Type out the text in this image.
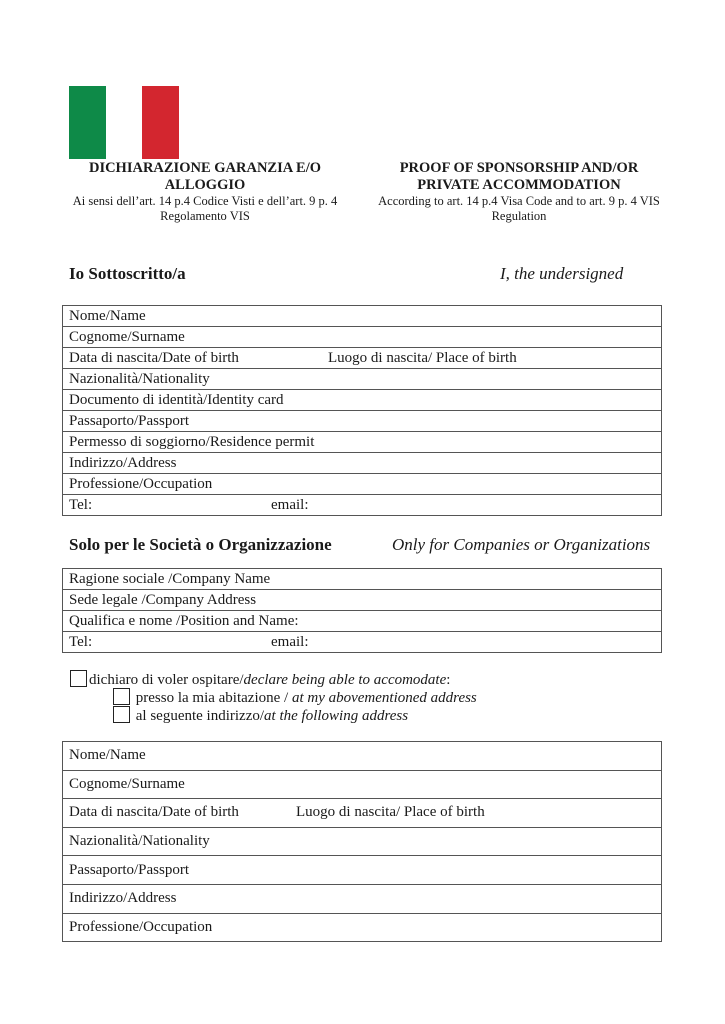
DICHIARAZIONE GARANZIA E/O ALLOGGIO
Ai sensi dell’art. 14 p.4 Codice Visti e dell’art. 9 p. 4 Regolamento VIS
PROOF OF SPONSORSHIP AND/OR PRIVATE ACCOMMODATION
According to art. 14 p.4 Visa Code and to art. 9 p. 4 VIS Regulation
Io Sottoscritto/a	I, the undersigned
Nome/Name
Cognome/Surname
Data di nascita/Date of birth	Luogo di nascita/ Place of birth
Nazionalità/Nationality
Documento di identità/Identity card
Passaporto/Passport
Permesso di soggiorno/Residence permit
Indirizzo/Address
Professione/Occupation
Tel:	email:
Solo per le Società o Organizzazione	Only for Companies or Organizations
Ragione sociale /Company Name
Sede legale /Company Address
Qualifica e nome /Position and Name:
Tel:	email:
dichiaro di voler ospitare/declare being able to accomodate:
presso la mia abitazione / at my abovementioned address
al seguente indirizzo/at the following address
Nome/Name
Cognome/Surname
Data di nascita/Date of birth	Luogo di nascita/ Place of birth
Nazionalità/Nationality
Passaporto/Passport
Indirizzo/Address
Professione/Occupation
